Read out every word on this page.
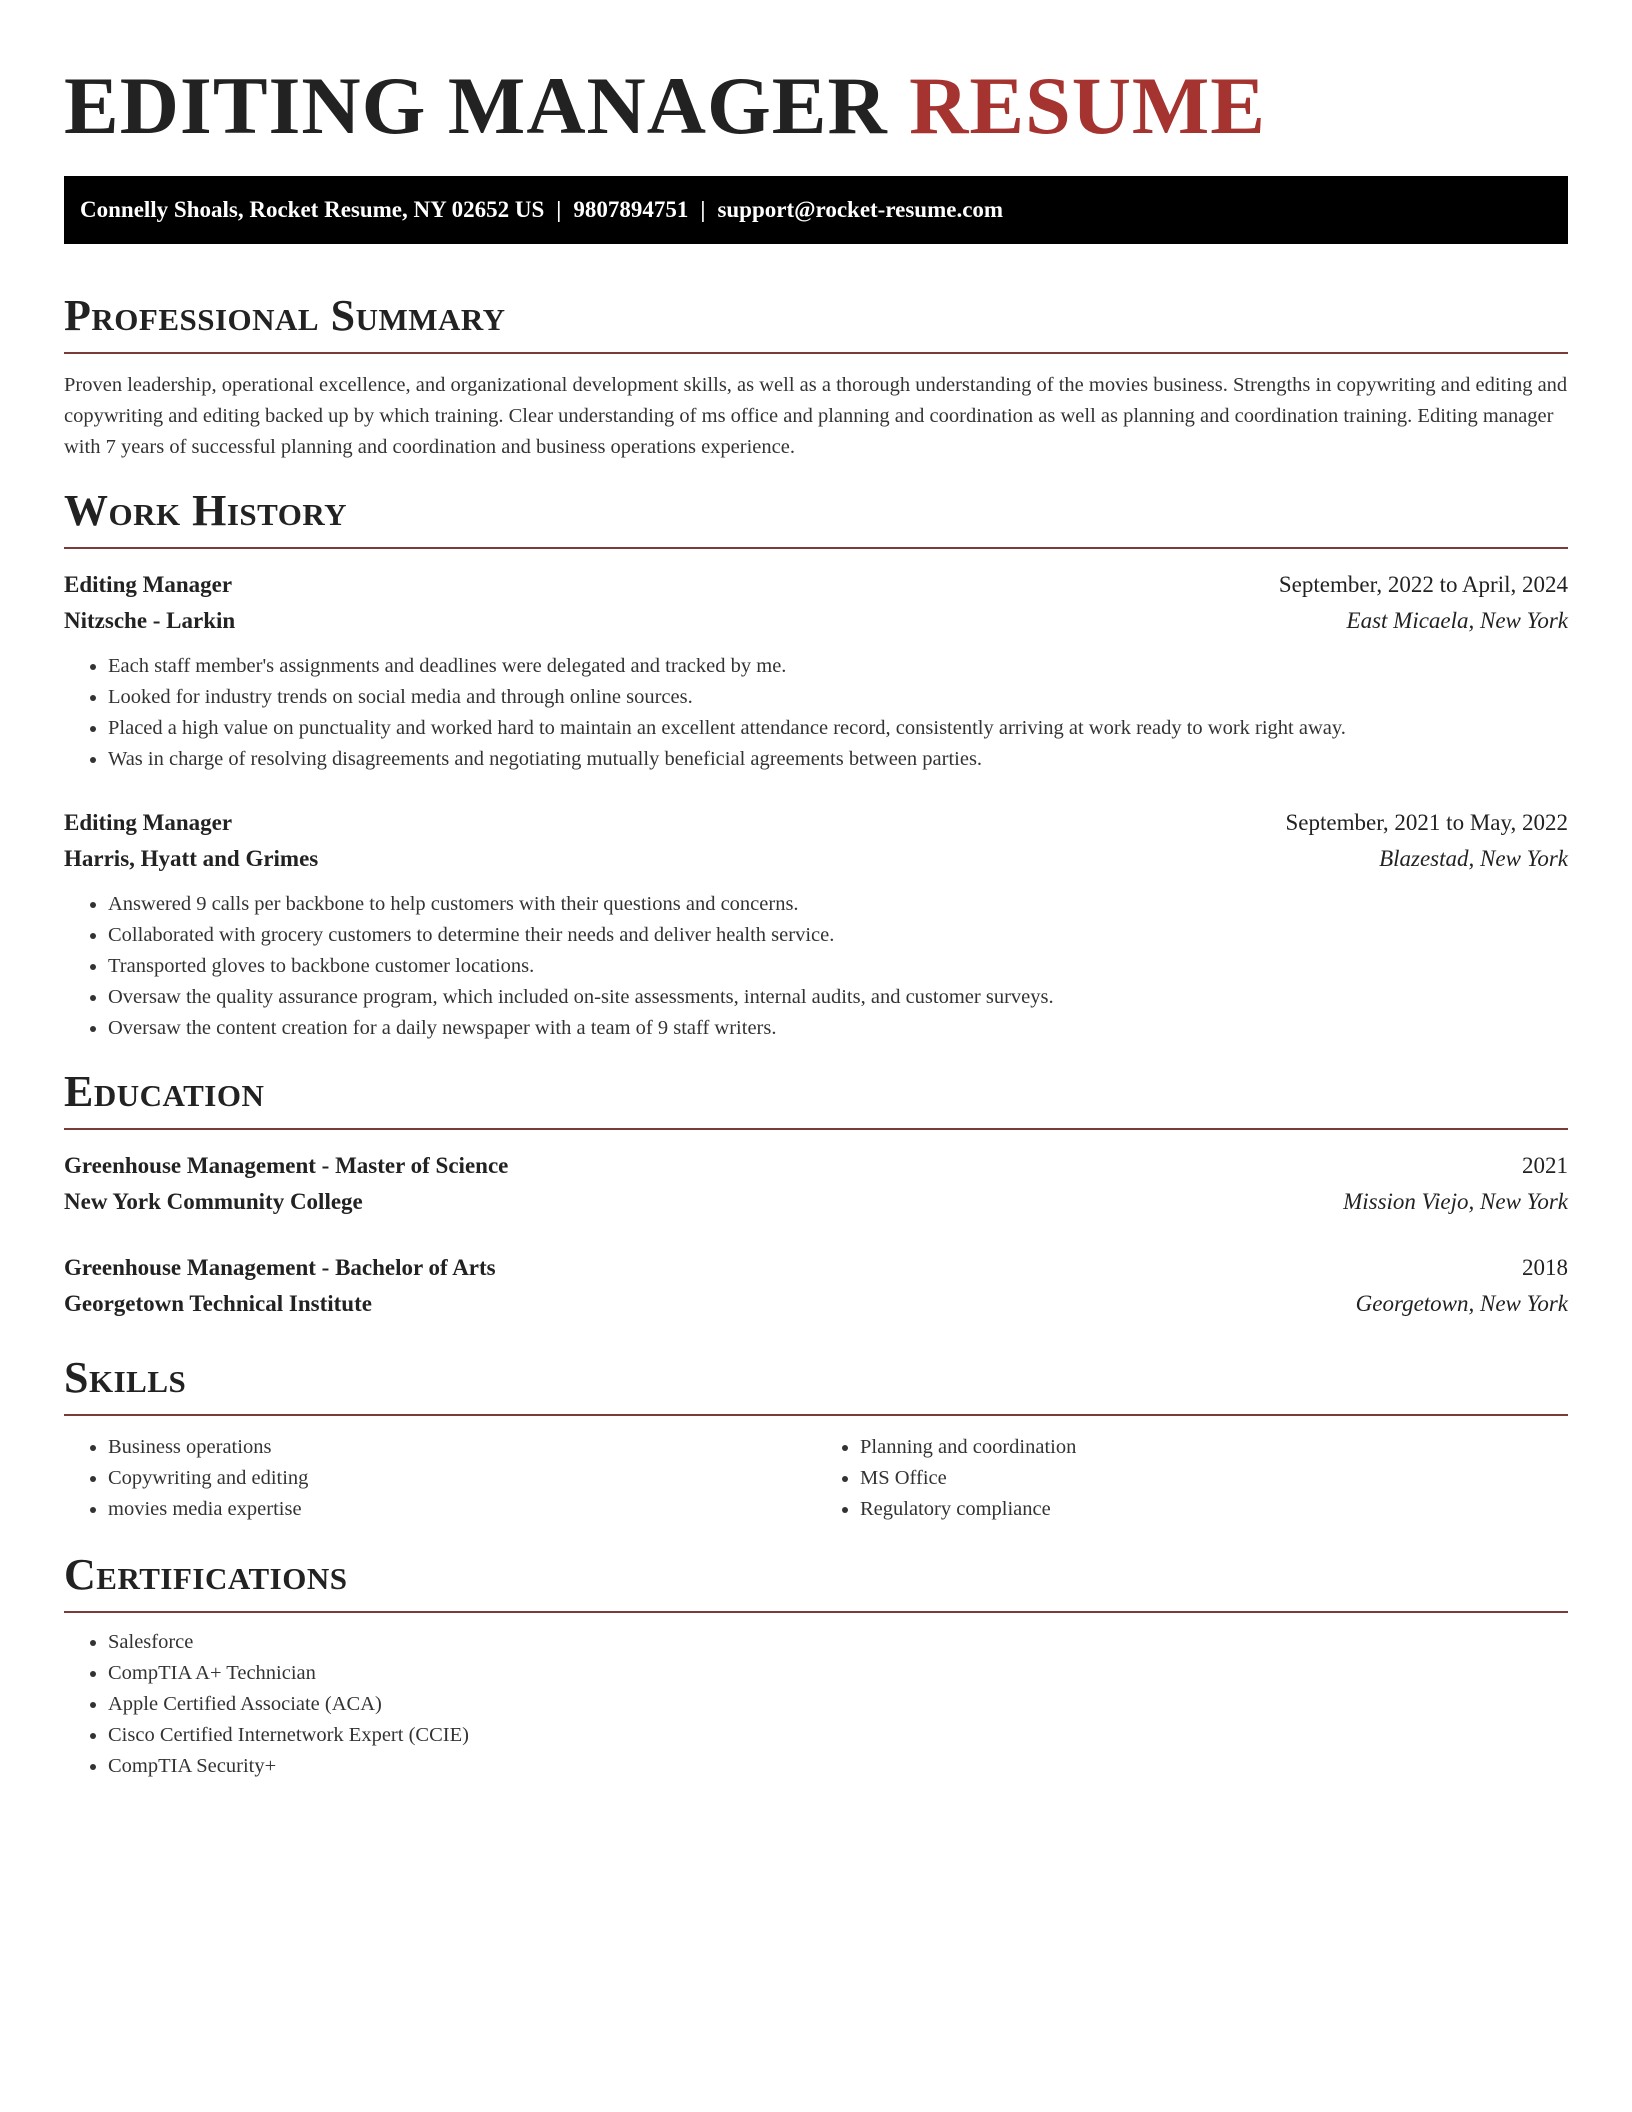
EDITING MANAGER RESUME
Connelly Shoals, Rocket Resume, NY 02652 US | 9807894751 | support@rocket-resume.com
Professional Summary

Proven leadership, operational excellence, and organizational development skills, as well as a thorough understanding of the movies business. Strengths in copywriting and editing and copywriting and editing backed up by which training. Clear understanding of ms office and planning and coordination as well as planning and coordination training. Editing manager with 7 years of successful planning and coordination and business operations experience.

Work History
Editing Manager	September, 2022 to April, 2024
Nitzsche - Larkin	East Micaela, New York
• Each staff member's assignments and deadlines were delegated and tracked by me.
• Looked for industry trends on social media and through online sources.
• Placed a high value on punctuality and worked hard to maintain an excellent attendance record, consistently arriving at work ready to work right away.
• Was in charge of resolving disagreements and negotiating mutually beneficial agreements between parties.
Editing Manager	September, 2021 to May, 2022
Harris, Hyatt and Grimes	Blazestad, New York
• Answered 9 calls per backbone to help customers with their questions and concerns.
• Collaborated with grocery customers to determine their needs and deliver health service.
• Transported gloves to backbone customer locations.
• Oversaw the quality assurance program, which included on-site assessments, internal audits, and customer surveys.
• Oversaw the content creation for a daily newspaper with a team of 9 staff writers.
Education
Greenhouse Management - Master of Science	2021
New York Community College	Mission Viejo, New York
Greenhouse Management - Bachelor of Arts	2018
Georgetown Technical Institute	Georgetown, New York
Skills
• Business operations
• Copywriting and editing
• movies media expertise
• Planning and coordination
• MS Office
• Regulatory compliance
Certifications
• Salesforce
• CompTIA A+ Technician
• Apple Certified Associate (ACA)
• Cisco Certified Internetwork Expert (CCIE)
• CompTIA Security+
